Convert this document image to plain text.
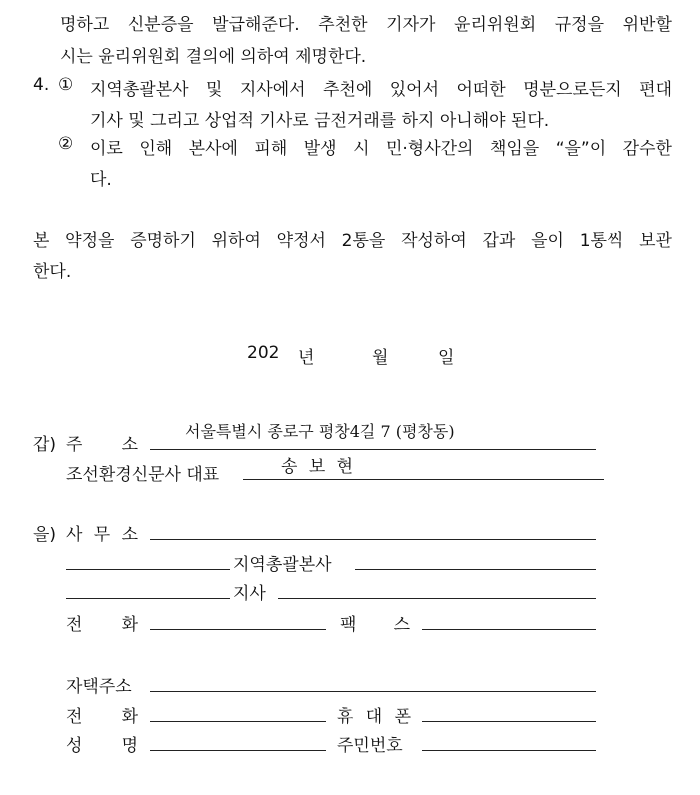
명하고 신분증을 발급해준다. 추천한 기자가 윤리위원회 규정을 위반할
시는 윤리위원회 결의에 의하여 제명한다.
4. ① 지역총괄본사 및 지사에서 추천에 있어서 어떠한 명분으로든지 편대
기사 및 그리고 상업적 기사로 금전거래를 하지 아니해야 된다.
② 이로 인해 본사에 피해 발생 시 민·형사간의 책임을 “을”이 감수한
다.
본 약정을 증명하기 위하여 약정서 2통을 작성하여 갑과 을이 1통씩 보관
한다.
202 년	월	일
갑) 주 소
서울특별시 종로구 평창4길 7 (평창동)
조선환경신문사 대표	송 보 현
을) 사 무 소
지역총괄본사
지사
전 화	팩 스
자택주소
전 화	휴 대 폰
성 명	주민번호
